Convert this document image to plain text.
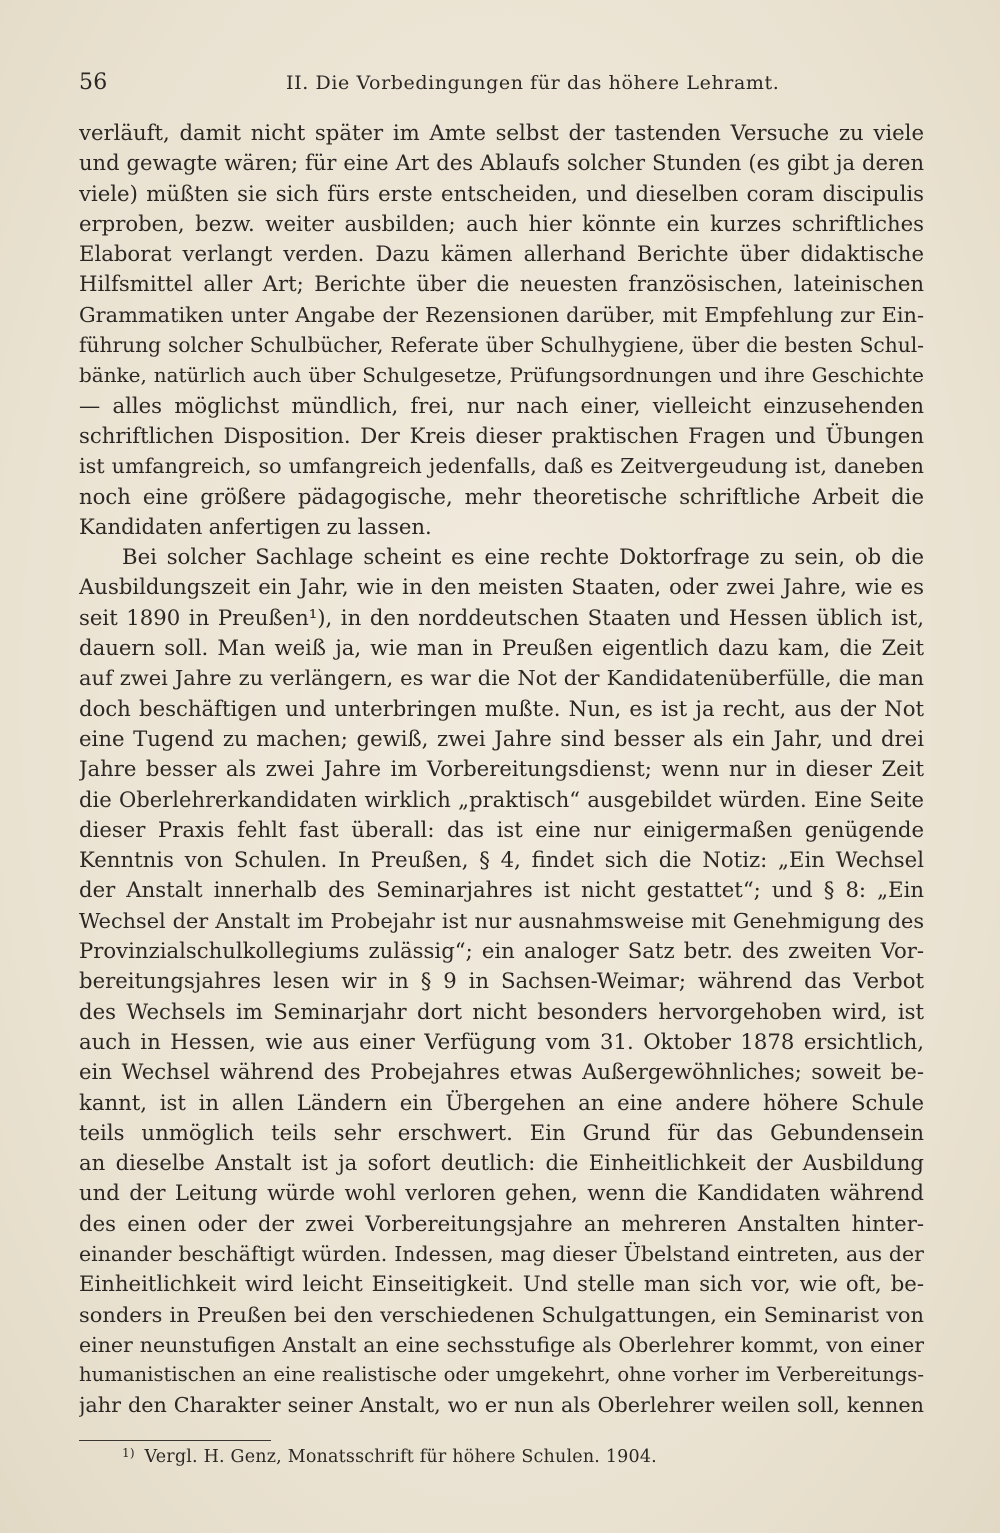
56	II. Die Vorbedingungen für das höhere Lehramt.
verläuft, damit nicht später im Amte selbst der tastenden Versuche zu viele
und gewagte wären; für eine Art des Ablaufs solcher Stunden (es gibt ja deren
viele) müßten sie sich fürs erste entscheiden, und dieselben coram discipulis
erproben, bezw. weiter ausbilden; auch hier könnte ein kurzes schriftliches
Elaborat verlangt verden. Dazu kämen allerhand Berichte über didaktische
Hilfsmittel aller Art; Berichte über die neuesten französischen, lateinischen
Grammatiken unter Angabe der Rezensionen darüber, mit Empfehlung zur Ein-
führung solcher Schulbücher, Referate über Schulhygiene, über die besten Schul-
bänke, natürlich auch über Schulgesetze, Prüfungsordnungen und ihre Geschichte
— alles möglichst mündlich, frei, nur nach einer, vielleicht einzusehenden
schriftlichen Disposition. Der Kreis dieser praktischen Fragen und Übungen
ist umfangreich, so umfangreich jedenfalls, daß es Zeitvergeudung ist, daneben
noch eine größere pädagogische, mehr theoretische schriftliche Arbeit die
Kandidaten anfertigen zu lassen.
Bei solcher Sachlage scheint es eine rechte Doktorfrage zu sein, ob die
Ausbildungszeit ein Jahr, wie in den meisten Staaten, oder zwei Jahre, wie es
seit 1890 in Preußen¹), in den norddeutschen Staaten und Hessen üblich ist,
dauern soll. Man weiß ja, wie man in Preußen eigentlich dazu kam, die Zeit
auf zwei Jahre zu verlängern, es war die Not der Kandidatenüberfülle, die man
doch beschäftigen und unterbringen mußte. Nun, es ist ja recht, aus der Not
eine Tugend zu machen; gewiß, zwei Jahre sind besser als ein Jahr, und drei
Jahre besser als zwei Jahre im Vorbereitungsdienst; wenn nur in dieser Zeit
die Oberlehrerkandidaten wirklich „praktisch“ ausgebildet würden. Eine Seite
dieser Praxis fehlt fast überall: das ist eine nur einigermaßen genügende
Kenntnis von Schulen. In Preußen, § 4, findet sich die Notiz: „Ein Wechsel
der Anstalt innerhalb des Seminarjahres ist nicht gestattet“; und § 8: „Ein
Wechsel der Anstalt im Probejahr ist nur ausnahmsweise mit Genehmigung des
Provinzialschulkollegiums zulässig“; ein analoger Satz betr. des zweiten Vor-
bereitungsjahres lesen wir in § 9 in Sachsen-Weimar; während das Verbot
des Wechsels im Seminarjahr dort nicht besonders hervorgehoben wird, ist
auch in Hessen, wie aus einer Verfügung vom 31. Oktober 1878 ersichtlich,
ein Wechsel während des Probejahres etwas Außergewöhnliches; soweit be-
kannt, ist in allen Ländern ein Übergehen an eine andere höhere Schule
teils unmöglich teils sehr erschwert. Ein Grund für das Gebundensein
an dieselbe Anstalt ist ja sofort deutlich: die Einheitlichkeit der Ausbildung
und der Leitung würde wohl verloren gehen, wenn die Kandidaten während
des einen oder der zwei Vorbereitungsjahre an mehreren Anstalten hinter-
einander beschäftigt würden. Indessen, mag dieser Übelstand eintreten, aus der
Einheitlichkeit wird leicht Einseitigkeit. Und stelle man sich vor, wie oft, be-
sonders in Preußen bei den verschiedenen Schulgattungen, ein Seminarist von
einer neunstufigen Anstalt an eine sechsstufige als Oberlehrer kommt, von einer
humanistischen an eine realistische oder umgekehrt, ohne vorher im Verbereitungs-
jahr den Charakter seiner Anstalt, wo er nun als Oberlehrer weilen soll, kennen
$^{1)}$ Vergl. H. Genz, Monatsschrift für höhere Schulen. 1904.
